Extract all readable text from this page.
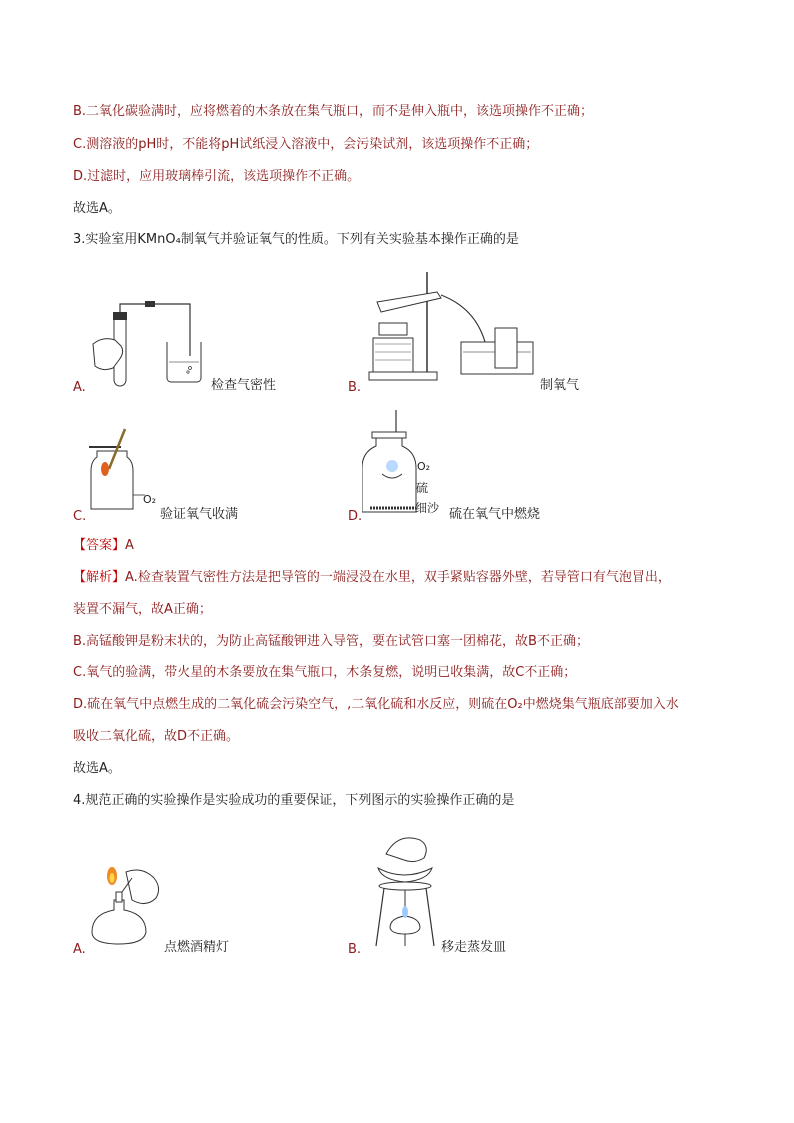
B.二氧化碳验满时，应将燃着的木条放在集气瓶口，而不是伸入瓶中，该选项操作不正确；
C.测溶液的pH时，不能将pH试纸浸入溶液中，会污染试剂，该选项操作不正确；
D.过滤时，应用玻璃棒引流，该选项操作不正确。
故选A。
3.实验室用KMnO₄制氧气并验证氧气的性质。下列有关实验基本操作正确的是
A.	检查气密性	B.	制氧气
O₂
C.	验证氧气收满
O₂
硫
细沙
D.	硫在氧气中燃烧
【答案】A
【解析】A.检查装置气密性方法是把导管的一端浸没在水里，双手紧贴容器外壁，若导管口有气泡冒出，
装置不漏气，故A正确；
B.高锰酸钾是粉末状的，为防止高锰酸钾进入导管，要在试管口塞一团棉花，故B不正确；
C.氧气的验满，带火星的木条要放在集气瓶口，木条复燃，说明已收集满，故C不正确；
D.硫在氧气中点燃生成的二氧化硫会污染空气，,二氧化硫和水反应，则硫在O₂中燃烧集气瓶底部要加入水
吸收二氧化硫，故D不正确。
故选A。
4.规范正确的实验操作是实验成功的重要保证，下列图示的实验操作正确的是
A.	点燃酒精灯	B.	移走蒸发皿
